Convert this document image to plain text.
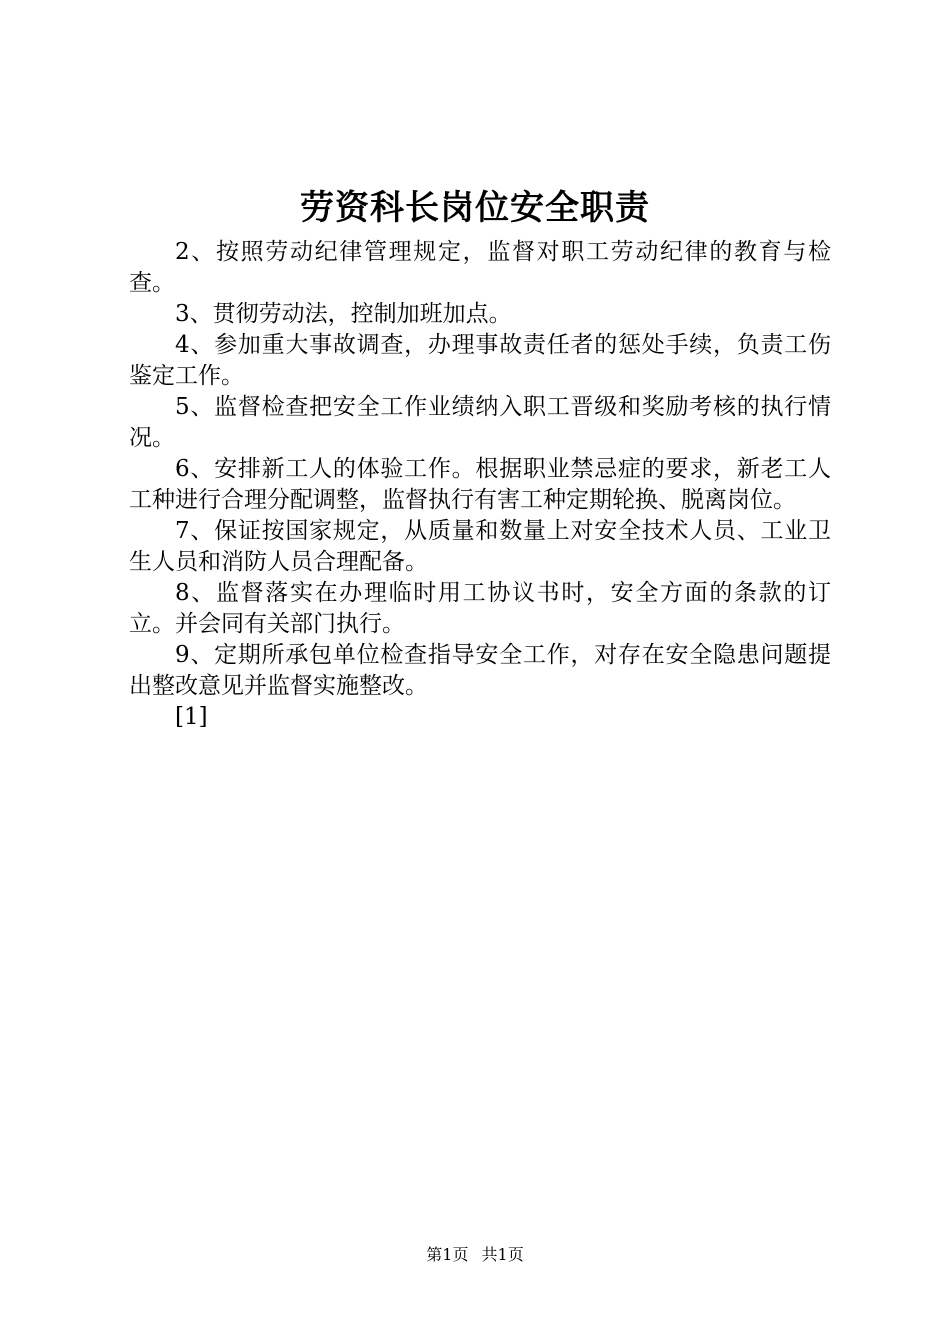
劳资科长岗位安全职责

2、按照劳动纪律管理规定，监督对职工劳动纪律的教育与检查。

3、贯彻劳动法，控制加班加点。

4、参加重大事故调查，办理事故责任者的惩处手续，负责工伤鉴定工作。

5、监督检查把安全工作业绩纳入职工晋级和奖励考核的执行情况。

6、安排新工人的体验工作。根据职业禁忌症的要求，新老工人工种进行合理分配调整，监督执行有害工种定期轮换、脱离岗位。

7、保证按国家规定，从质量和数量上对安全技术人员、工业卫生人员和消防人员合理配备。

8、监督落实在办理临时用工协议书时，安全方面的条款的订立。并会同有关部门执行。

9、定期所承包单位检查指导安全工作，对存在安全隐患问题提出整改意见并监督实施整改。

[1]

第1页 共1页
